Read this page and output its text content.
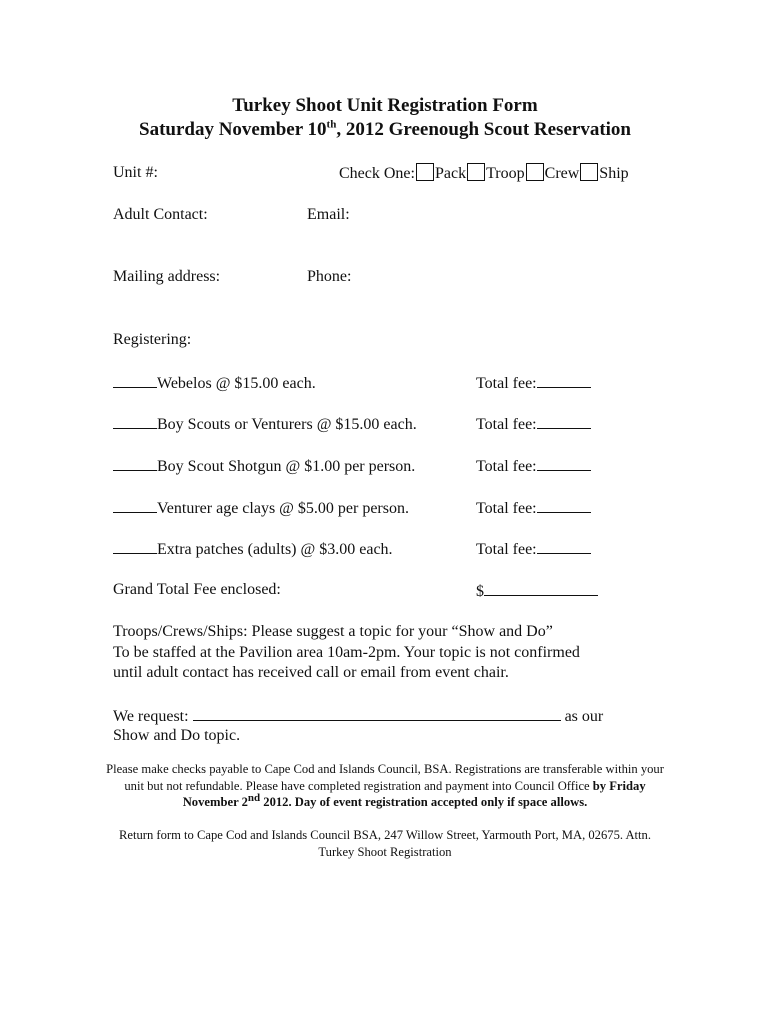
Turkey Shoot Unit Registration Form
Saturday November 10th, 2012 Greenough Scout Reservation
Unit #:	Check One: Pack Troop Crew Ship
Adult Contact:	Email:
Mailing address:	Phone:
Registering:
Webelos @ $15.00 each.	Total fee:
Boy Scouts or Venturers @ $15.00 each.	Total fee:
Boy Scout Shotgun @ $1.00 per person.	Total fee:
Venturer age clays @ $5.00 per person.	Total fee:
Extra patches (adults) @ $3.00 each.	Total fee:
Grand Total Fee enclosed:	$
Troops/Crews/Ships: Please suggest a topic for your “Show and Do”
To be staffed at the Pavilion area 10am-2pm. Your topic is not confirmed
until adult contact has received call or email from event chair.
We request:	as our
Show and Do topic.
Please make checks payable to Cape Cod and Islands Council, BSA. Registrations are transferable within your unit but not refundable. Please have completed registration and payment into Council Office by Friday November 2nd 2012. Day of event registration accepted only if space allows.
Return form to Cape Cod and Islands Council BSA, 247 Willow Street, Yarmouth Port, MA, 02675. Attn. Turkey Shoot Registration
